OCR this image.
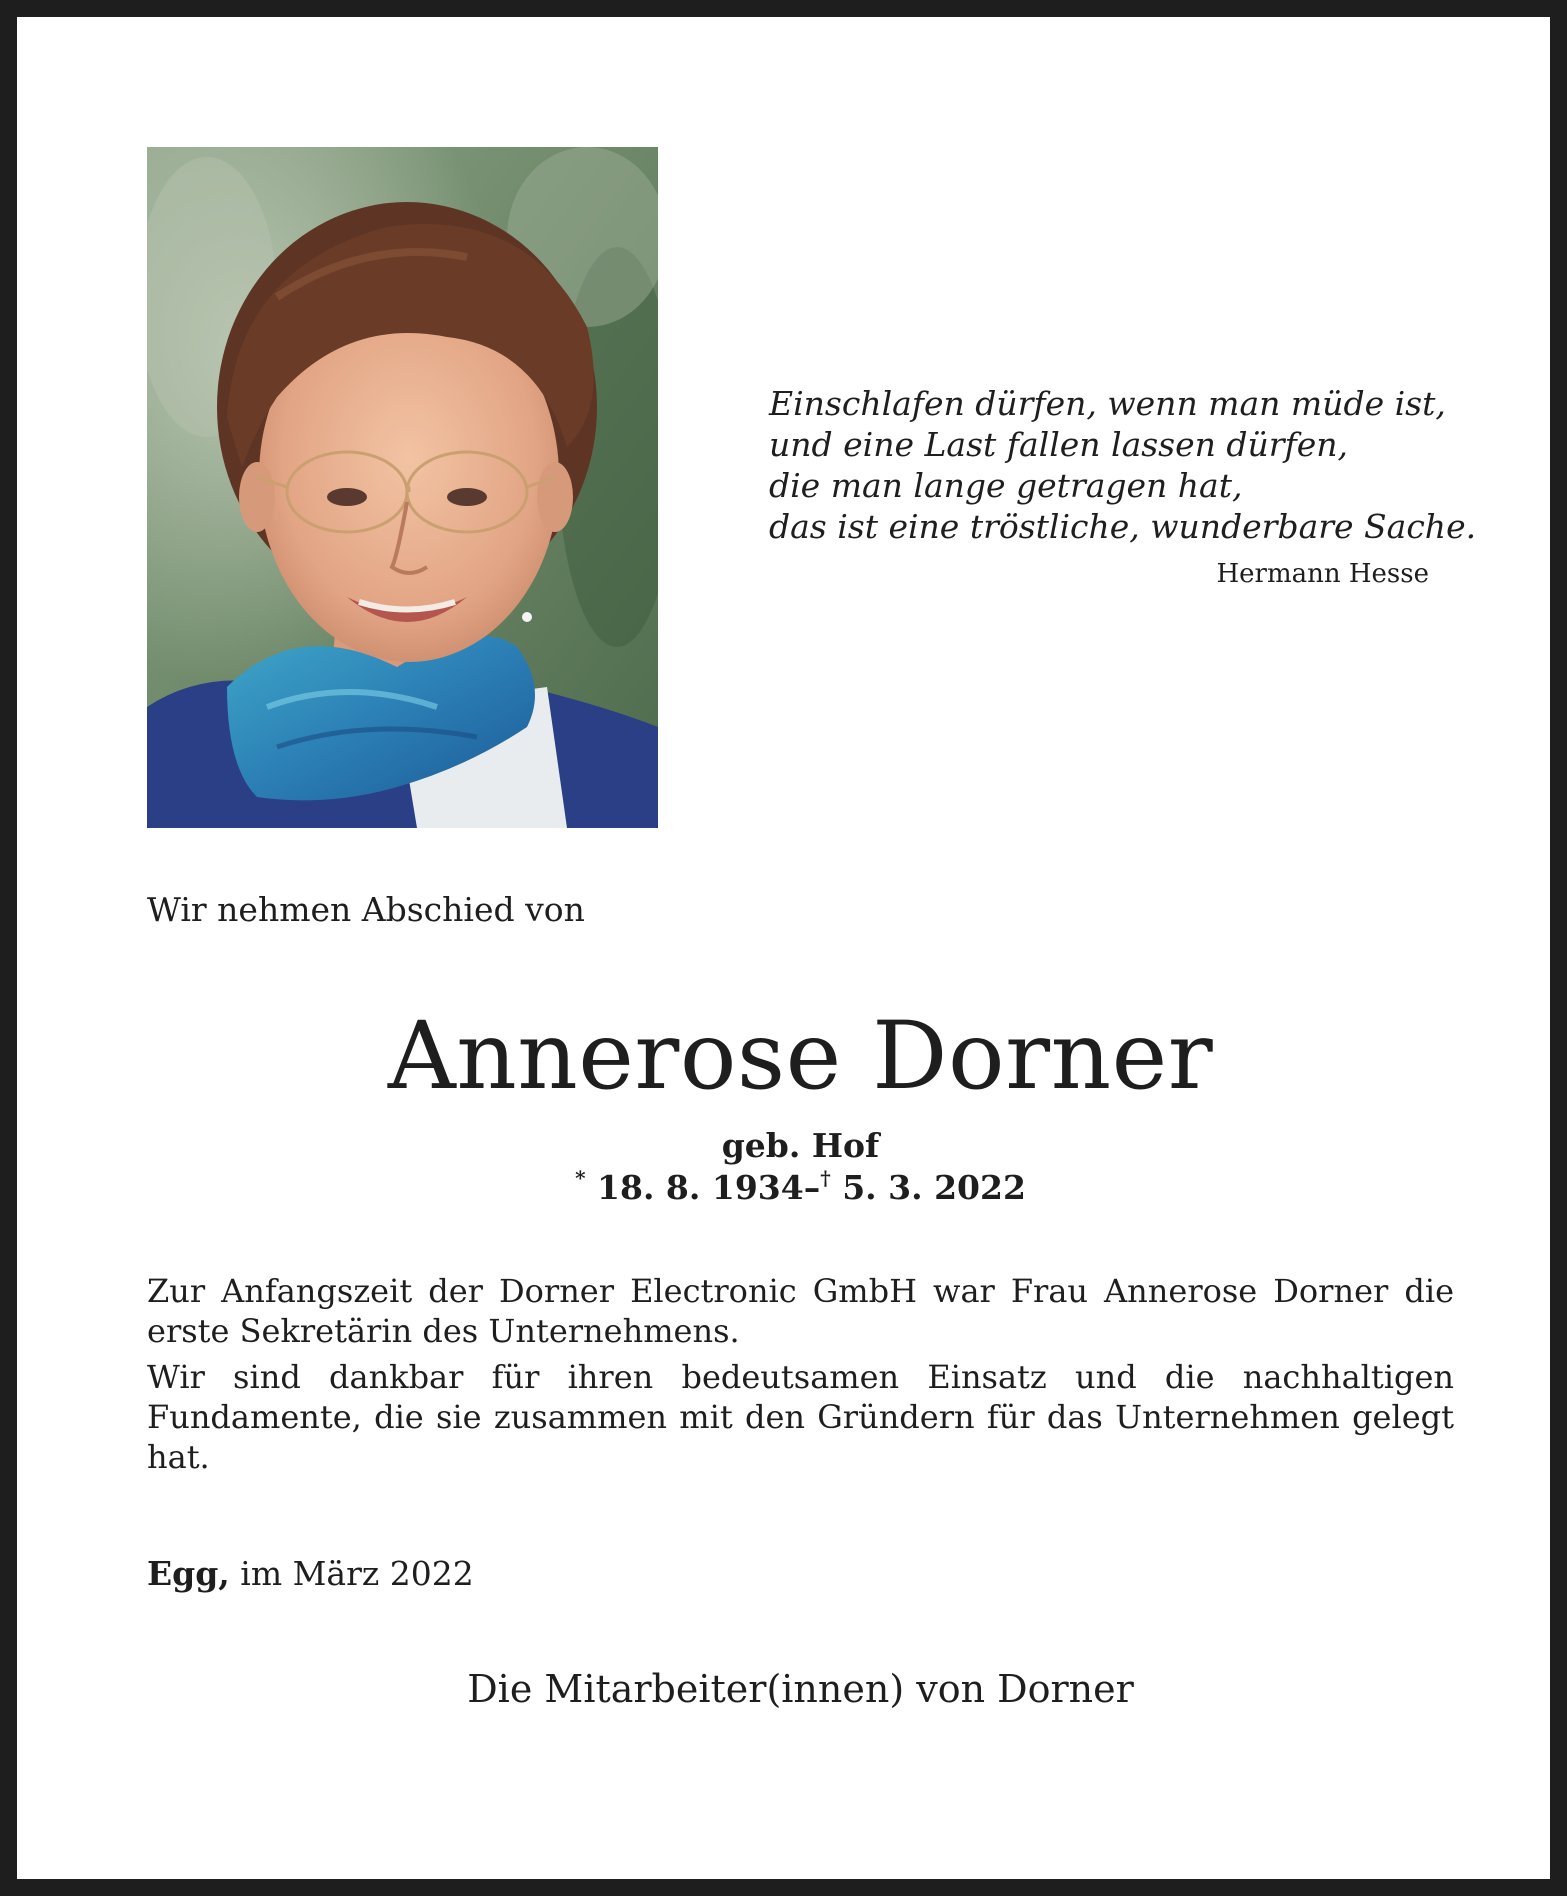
Einschlafen dürfen, wenn man müde ist,
und eine Last fallen lassen dürfen,
die man lange getragen hat,
das ist eine tröstliche, wunderbare Sache.
Hermann Hesse
Wir nehmen Abschied von
Annerose Dorner
geb. Hof
* 18. 8. 1934–† 5. 3. 2022

Zur Anfangszeit der Dorner Electronic GmbH war Frau Annerose Dorner die erste Sekretärin des Unternehmens.

Wir sind dankbar für ihren bedeutsamen Einsatz und die nachhaltigen Fundamente, die sie zusammen mit den Gründern für das Unternehmen gelegt hat.

Egg, im März 2022
Die Mitarbeiter(innen) von Dorner
